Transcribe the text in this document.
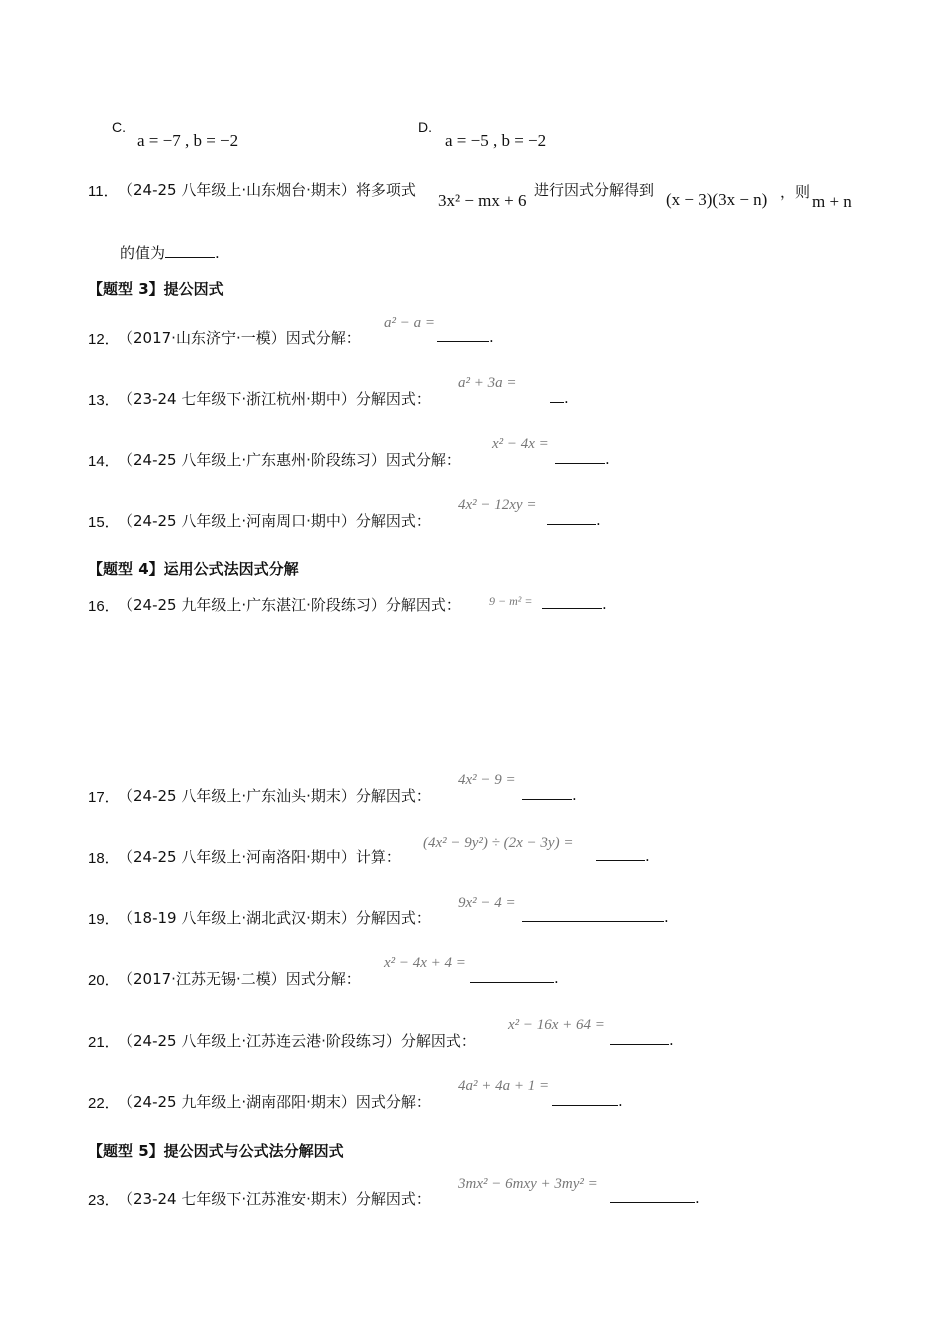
C.
a = −7 , b = −2
D.
a = −5 , b = −2
11． （24-25 八年级上·山东烟台·期末）将多项式
3x² − mx + 6
进行因式分解得到 (x − 3)(3x − n) ，则 m + n
的值为	.
【题型 3】提公因式
12．
（2017·山东济宁·一模）因式分解：
a² − a =
.
13．
（23-24 七年级下·浙江杭州·期中）分解因式：
a² + 3a =
.
14．
（24-25 八年级上·广东惠州·阶段练习）因式分解：
x² − 4x =
.
15．
（24-25 八年级上·河南周口·期中）分解因式：
4x² − 12xy =
.
【题型 4】运用公式法因式分解
16．
（24-25 九年级上·广东湛江·阶段练习）分解因式： 9 − m² =	.
17．
（24-25 八年级上·广东汕头·期末）分解因式：
4x² − 9 =
.
18．
（24-25 八年级上·河南洛阳·期中）计算：
(4x² − 9y²) ÷ (2x − 3y) =
.
19．
（18-19 八年级上·湖北武汉·期末）分解因式：
9x² − 4 =
.
20．
（2017·江苏无锡·二模）因式分解：
x² − 4x + 4 =
.
21．
（24-25 八年级上·江苏连云港·阶段练习）分解因式：
x² − 16x + 64 =
.
22．
（24-25 九年级上·湖南邵阳·期末）因式分解：
4a² + 4a + 1 =
.
【题型 5】提公因式与公式法分解因式
23．
（23-24 七年级下·江苏淮安·期末）分解因式：
3mx² − 6mxy + 3my² =
.
